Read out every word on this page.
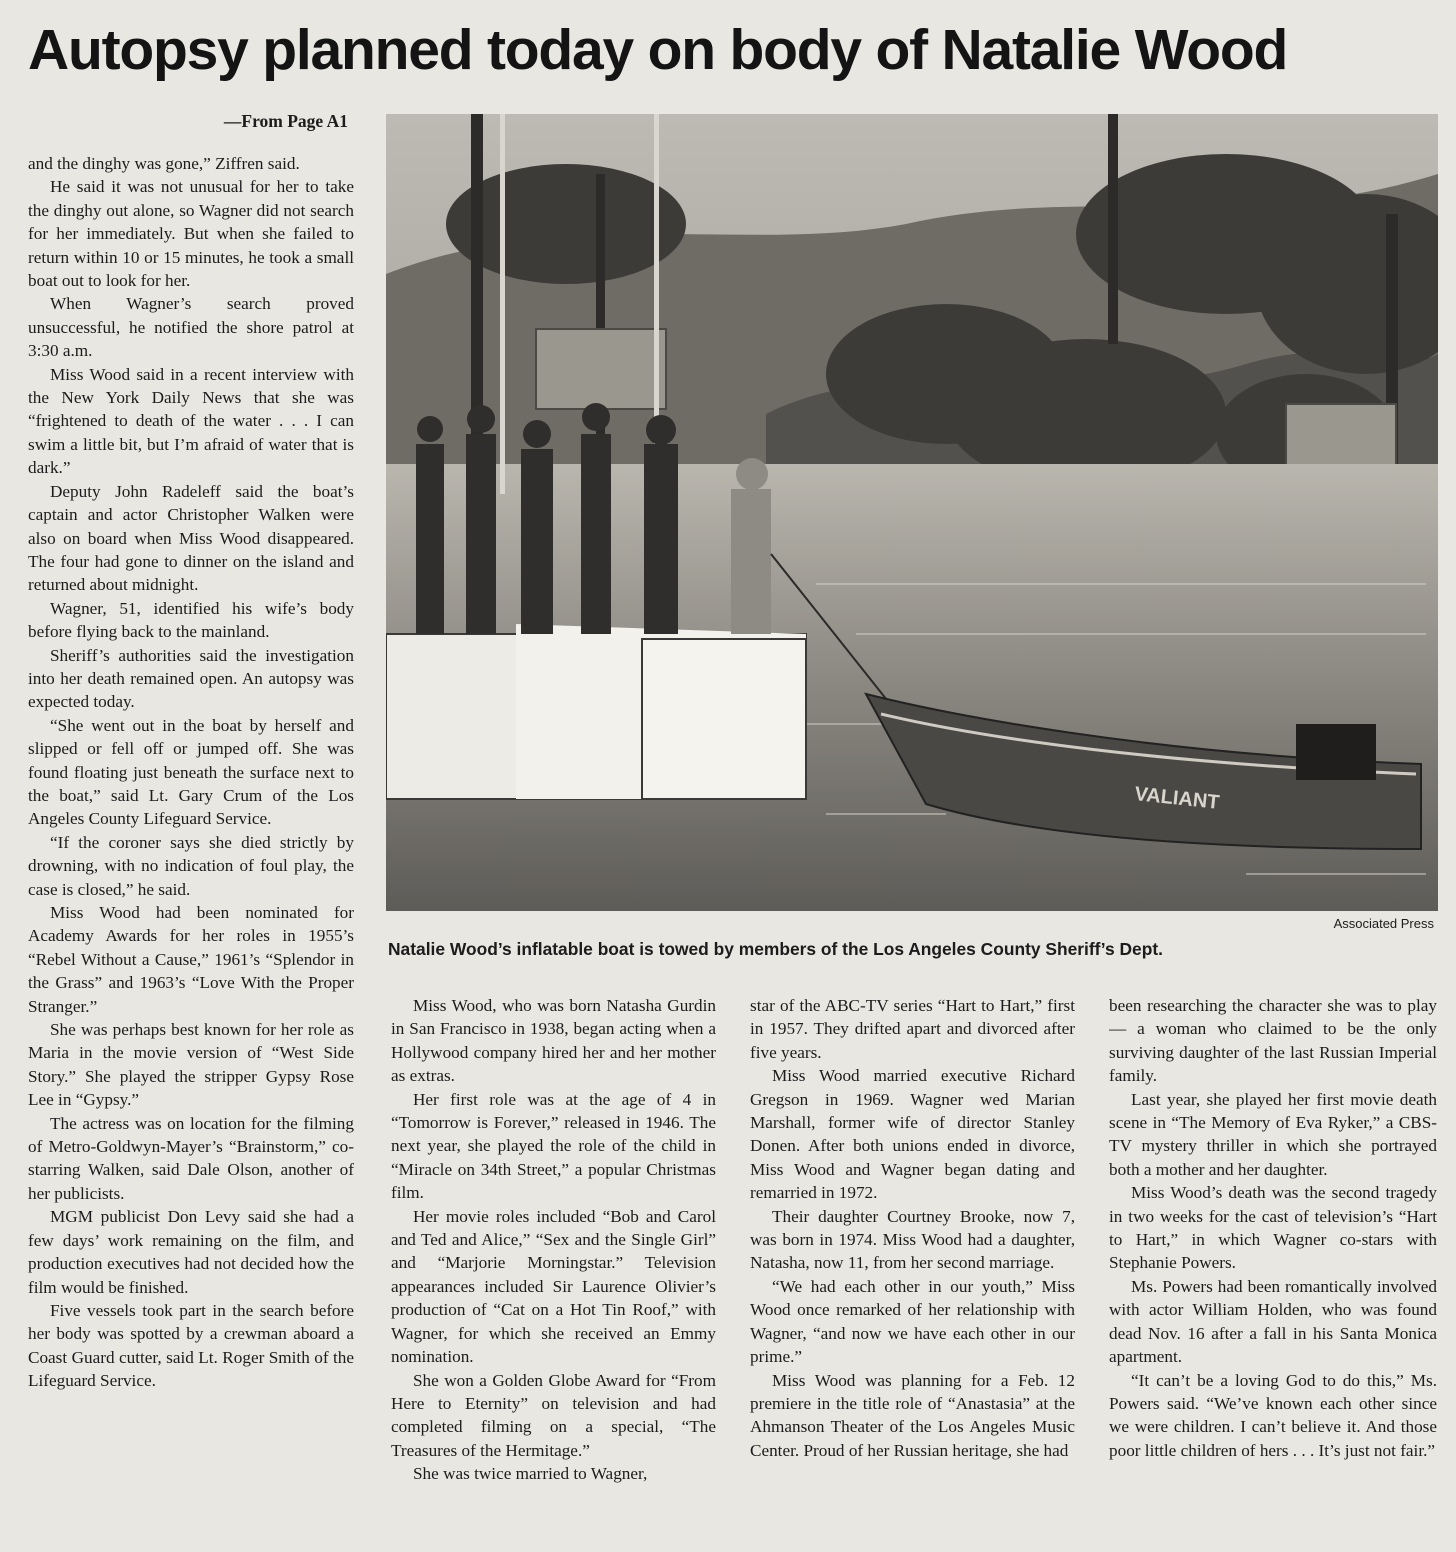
Autopsy planned today on body of Natalie Wood
—From Page A1

and the dinghy was gone,” Ziffren said.

He said it was not unusual for her to take the dinghy out alone, so Wagner did not search for her immediately. But when she failed to return within 10 or 15 minutes, he took a small boat out to look for her.

When Wagner’s search proved unsuccessful, he notified the shore patrol at 3:30 a.m.

Miss Wood said in a recent interview with the New York Daily News that she was “frightened to death of the water . . . I can swim a little bit, but I’m afraid of water that is dark.”

Deputy John Radeleff said the boat’s captain and actor Christopher Walken were also on board when Miss Wood disappeared. The four had gone to dinner on the island and returned about midnight.

Wagner, 51, identified his wife’s body before flying back to the mainland.

Sheriff’s authorities said the investigation into her death remained open. An autopsy was expected today.

“She went out in the boat by herself and slipped or fell off or jumped off. She was found floating just beneath the surface next to the boat,” said Lt. Gary Crum of the Los Angeles County Lifeguard Service.

“If the coroner says she died strictly by drowning, with no indication of foul play, the case is closed,” he said.

Miss Wood had been nominated for Academy Awards for her roles in 1955’s “Rebel Without a Cause,” 1961’s “Splendor in the Grass” and 1963’s “Love With the Proper Stranger.”

She was perhaps best known for her role as Maria in the movie version of “West Side Story.” She played the stripper Gypsy Rose Lee in “Gypsy.”

The actress was on location for the filming of Metro-Goldwyn-Mayer’s “Brainstorm,” co-starring Walken, said Dale Olson, another of her publicists.

MGM publicist Don Levy said she had a few days’ work remaining on the film, and production executives had not decided how the film would be finished.

Five vessels took part in the search before her body was spotted by a crewman aboard a Coast Guard cutter, said Lt. Roger Smith of the Lifeguard Service.

VALIANT
Associated Press
Natalie Wood’s inflatable boat is towed by members of the Los Angeles County Sheriff’s Dept.

Miss Wood, who was born Natasha Gurdin in San Francisco in 1938, began acting when a Hollywood company hired her and her mother as extras.

Her first role was at the age of 4 in “Tomorrow is Forever,” released in 1946. The next year, she played the role of the child in “Miracle on 34th Street,” a popular Christmas film.

Her movie roles included “Bob and Carol and Ted and Alice,” “Sex and the Single Girl” and “Marjorie Morningstar.” Television appearances included Sir Laurence Olivier’s production of “Cat on a Hot Tin Roof,” with Wagner, for which she received an Emmy nomination.

She won a Golden Globe Award for “From Here to Eternity” on television and had completed filming on a special, “The Treasures of the Hermitage.”

She was twice married to Wagner,

star of the ABC-TV series “Hart to Hart,” first in 1957. They drifted apart and divorced after five years.

Miss Wood married executive Richard Gregson in 1969. Wagner wed Marian Marshall, former wife of director Stanley Donen. After both unions ended in divorce, Miss Wood and Wagner began dating and remarried in 1972.

Their daughter Courtney Brooke, now 7, was born in 1974. Miss Wood had a daughter, Natasha, now 11, from her second marriage.

“We had each other in our youth,” Miss Wood once remarked of her relationship with Wagner, “and now we have each other in our prime.”

Miss Wood was planning for a Feb. 12 premiere in the title role of “Anastasia” at the Ahmanson Theater of the Los Angeles Music Center. Proud of her Russian heritage, she had

been researching the character she was to play — a woman who claimed to be the only surviving daughter of the last Russian Imperial family.

Last year, she played her first movie death scene in “The Memory of Eva Ryker,” a CBS-TV mystery thriller in which she portrayed both a mother and her daughter.

Miss Wood’s death was the second tragedy in two weeks for the cast of television’s “Hart to Hart,” in which Wagner co-stars with Stephanie Powers.

Ms. Powers had been romantically involved with actor William Holden, who was found dead Nov. 16 after a fall in his Santa Monica apartment.

“It can’t be a loving God to do this,” Ms. Powers said. “We’ve known each other since we were children. I can’t believe it. And those poor little children of hers . . . It’s just not fair.”
